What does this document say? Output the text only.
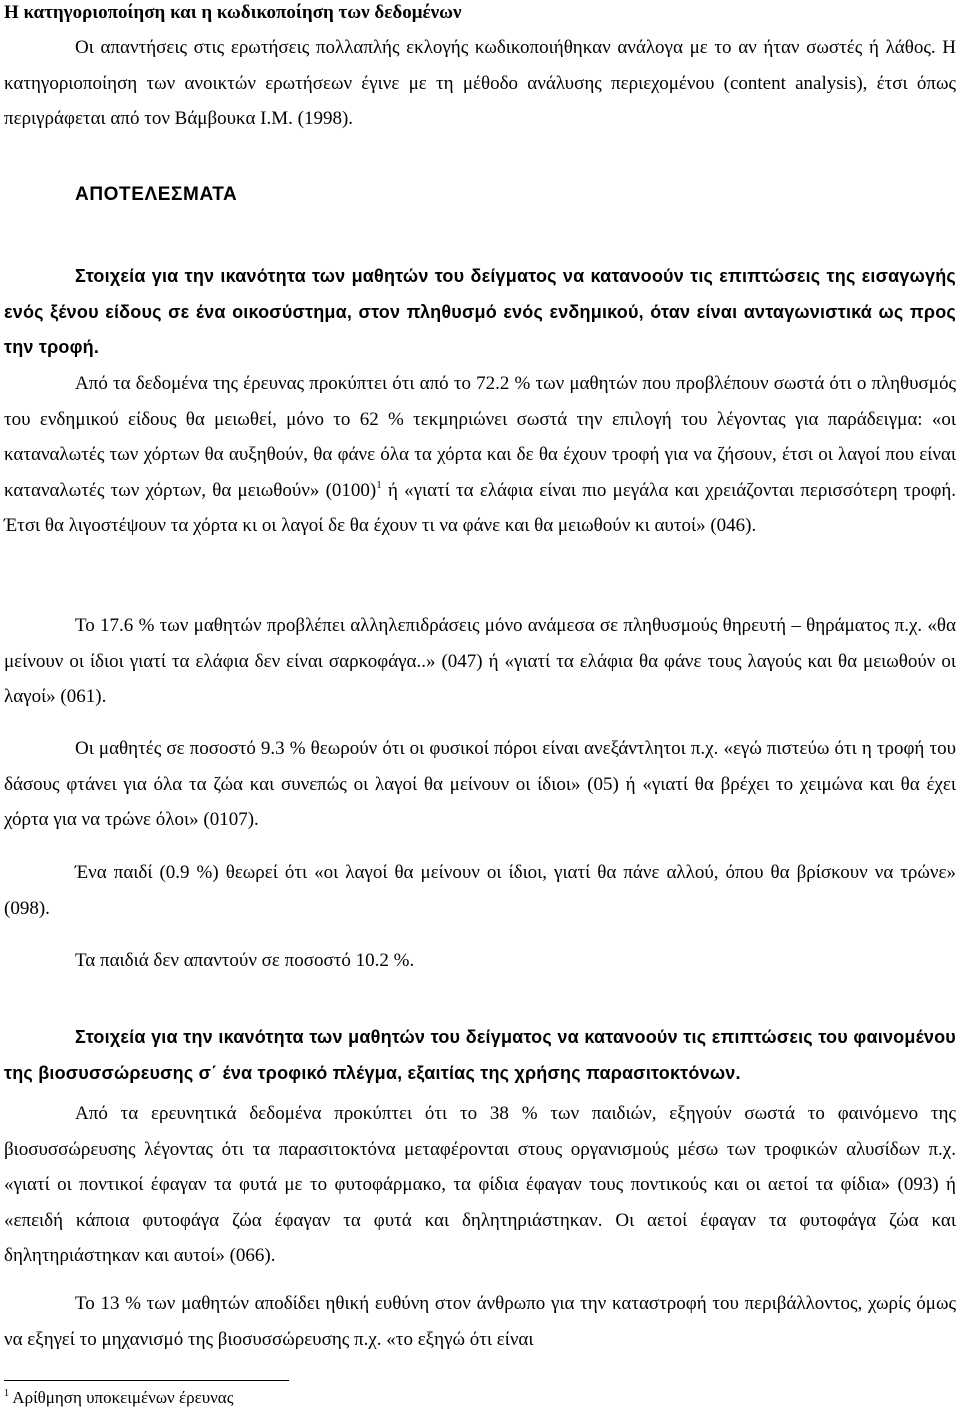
Η κατηγοριοποίηση και η κωδικοποίηση των δεδομένων

Οι απαντήσεις στις ερωτήσεις πολλαπλής εκλογής κωδικοποιήθηκαν ανάλογα με το αν ήταν σωστές ή λάθος. Η κατηγοριοποίηση των ανοικτών ερωτήσεων έγινε με τη μέθοδο ανάλυσης περιεχομένου (content analysis), έτσι όπως περιγράφεται από τον Βάμβουκα Ι.Μ. (1998).

ΑΠΟΤΕΛΕΣΜΑΤΑ

Στοιχεία για την ικανότητα των μαθητών του δείγματος να κατανοούν τις επιπτώσεις της εισαγωγής ενός ξένου είδους σε ένα οικοσύστημα, στον πληθυσμό ενός ενδημικού, όταν είναι ανταγωνιστικά ως προς την τροφή.

Από τα δεδομένα της έρευνας προκύπτει ότι από το 72.2 % των μαθητών που προβλέπουν σωστά ότι ο πληθυσμός του ενδημικού είδους θα μειωθεί, μόνο το 62 % τεκμηριώνει σωστά την επιλογή του λέγοντας για παράδειγμα: «οι καταναλωτές των χόρτων θα αυξηθούν, θα φάνε όλα τα χόρτα και δε θα έχουν τροφή για να ζήσουν, έτσι οι λαγοί που είναι καταναλωτές των χόρτων, θα μειωθούν» $(0100)^1$ ή «γιατί τα ελάφια είναι πιο μεγάλα και χρειάζονται περισσότερη τροφή. Έτσι θα λιγοστέψουν τα χόρτα κι οι λαγοί δε θα έχουν τι να φάνε και θα μειωθούν κι αυτοί» (046).

Το 17.6 % των μαθητών προβλέπει αλληλεπιδράσεις μόνο ανάμεσα σε πληθυσμούς θηρευτή – θηράματος π.χ. «θα μείνουν οι ίδιοι γιατί τα ελάφια δεν είναι σαρκοφάγα..» (047) ή «γιατί τα ελάφια θα φάνε τους λαγούς και θα μειωθούν οι λαγοί» (061).

Οι μαθητές σε ποσοστό 9.3 % θεωρούν ότι οι φυσικοί πόροι είναι ανεξάντλητοι π.χ. «εγώ πιστεύω ότι η τροφή του δάσους φτάνει για όλα τα ζώα και συνεπώς οι λαγοί θα μείνουν οι ίδιοι» (05) ή «γιατί θα βρέχει το χειμώνα και θα έχει χόρτα για να τρώνε όλοι» (0107).

Ένα παιδί (0.9 %) θεωρεί ότι «οι λαγοί θα μείνουν οι ίδιοι, γιατί θα πάνε αλλού, όπου θα βρίσκουν να τρώνε» (098).

Τα παιδιά δεν απαντούν σε ποσοστό 10.2 %.

Στοιχεία για την ικανότητα των μαθητών του δείγματος να κατανοούν τις επιπτώσεις του φαινομένου της βιοσυσσώρευσης σ΄ ένα τροφικό πλέγμα, εξαιτίας της χρήσης παρασιτοκτόνων.

Από τα ερευνητικά δεδομένα προκύπτει ότι το 38 % των παιδιών, εξηγούν σωστά το φαινόμενο της βιοσυσσώρευσης λέγοντας ότι τα παρασιτοκτόνα μεταφέρονται στους οργανισμούς μέσω των τροφικών αλυσίδων π.χ. «γιατί οι ποντικοί έφαγαν τα φυτά με το φυτοφάρμακο, τα φίδια έφαγαν τους ποντικούς και οι αετοί τα φίδια» (093) ή «επειδή κάποια φυτοφάγα ζώα έφαγαν τα φυτά και δηλητηριάστηκαν. Οι αετοί έφαγαν τα φυτοφάγα ζώα και δηλητηριάστηκαν και αυτοί» (066).

Το 13 % των μαθητών αποδίδει ηθική ευθύνη στον άνθρωπο για την καταστροφή του περιβάλλοντος, χωρίς όμως να εξηγεί το μηχανισμό της βιοσυσσώρευσης π.χ. «το εξηγώ ότι είναι

$^1$ Αρίθμηση υποκειμένων έρευνας
